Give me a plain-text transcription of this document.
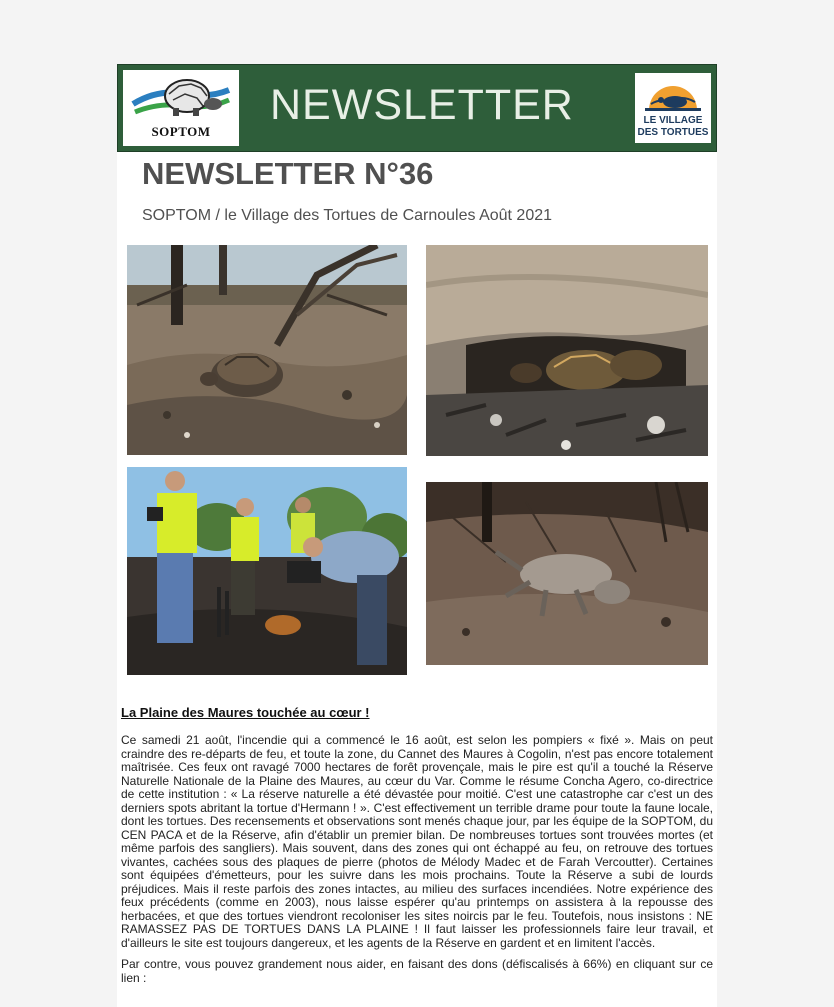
SOPTOM
NEWSLETTER	LE VILLAGE
DES TORTUES
NEWSLETTER N°36
SOPTOM / le Village des Tortues de Carnoules Août 2021
La Plaine des Maures touchée au cœur !

Ce samedi 21 août, l'incendie qui a commencé le 16 août, est selon les pompiers « fixé ». Mais on peut craindre des re-départs de feu, et toute la zone, du Cannet des Maures à Cogolin, n'est pas encore totalement maîtrisée. Ces feux ont ravagé 7000 hectares de forêt provençale, mais le pire est qu'il a touché la Réserve Naturelle Nationale de la Plaine des Maures, au cœur du Var. Comme le résume Concha Agero, co-directrice de cette institution : « La réserve naturelle a été dévastée pour moitié. C'est une catastrophe car c'est un des derniers spots abritant la tortue d'Hermann ! ». C'est effectivement un terrible drame pour toute la faune locale, dont les tortues. Des recensements et observations sont menés chaque jour, par les équipe de la SOPTOM, du CEN PACA et de la Réserve, afin d'établir un premier bilan. De nombreuses tortues sont trouvées mortes (et même parfois des sangliers). Mais souvent, dans des zones qui ont échappé au feu, on retrouve des tortues vivantes, cachées sous des plaques de pierre (photos de Mélody Madec et de Farah Vercoutter). Certaines sont équipées d'émetteurs, pour les suivre dans les mois prochains. Toute la Réserve a subi de lourds préjudices. Mais il reste parfois des zones intactes, au milieu des surfaces incendiées. Notre expérience des feux précédents (comme en 2003), nous laisse espérer qu'au printemps on assistera à la repousse des herbacées, et que des tortues viendront recoloniser les sites noircis par le feu. Toutefois, nous insistons : NE RAMASSEZ PAS DE TORTUES DANS LA PLAINE ! Il faut laisser les professionnels faire leur travail, et d'ailleurs le site est toujours dangereux, et les agents de la Réserve en gardent et en limitent l'accès.

Par contre, vous pouvez grandement nous aider, en faisant des dons (défiscalisés à 66%) en cliquant sur ce lien :
